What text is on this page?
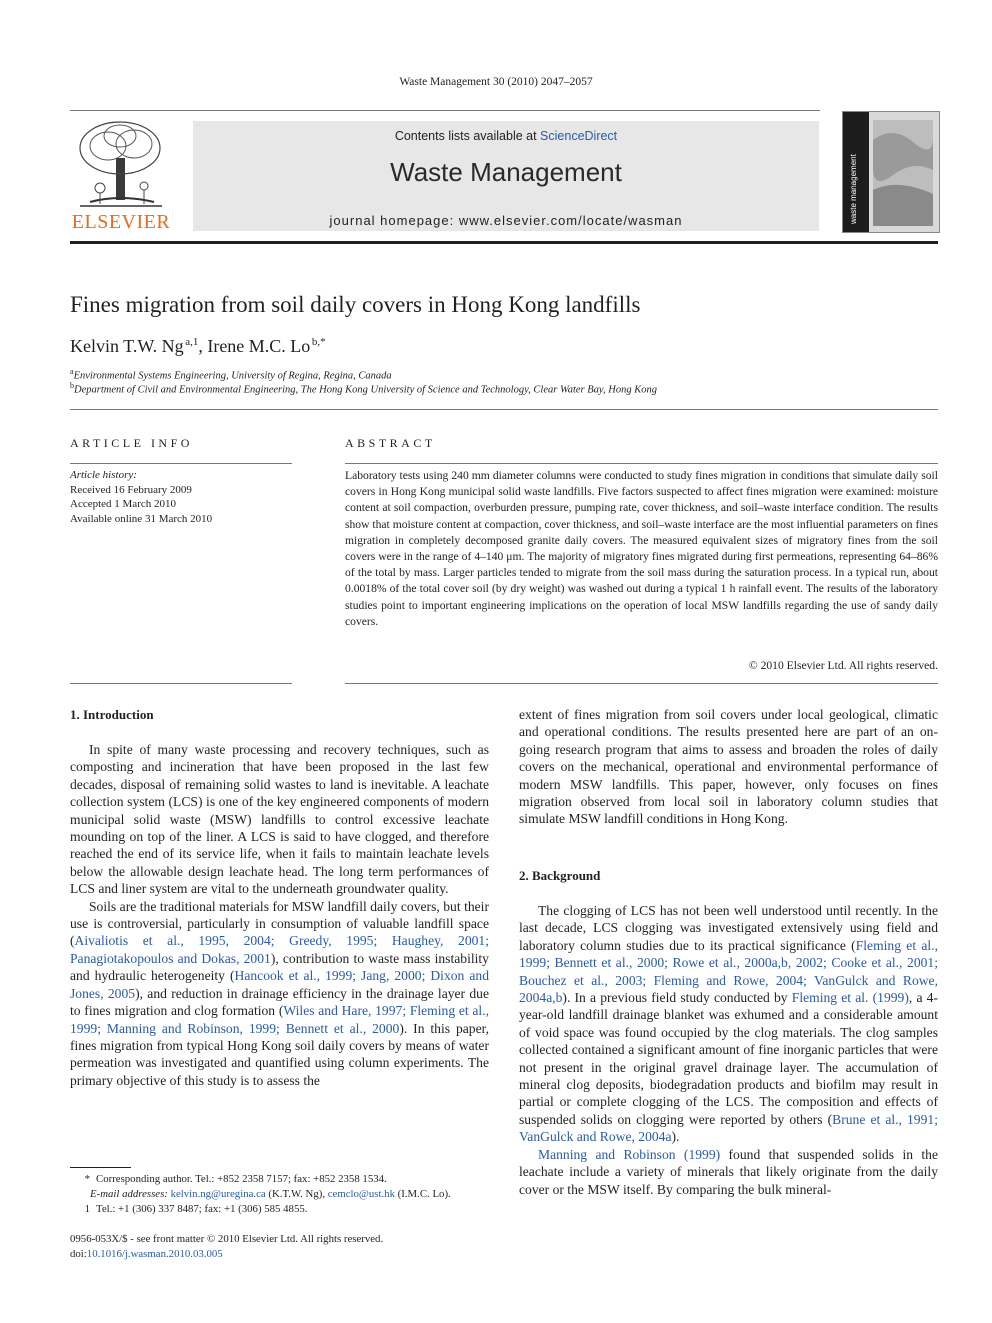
Waste Management 30 (2010) 2047–2057
ELSEVIER
Contents lists available at ScienceDirect
Waste Management
journal homepage: www.elsevier.com/locate/wasman	waste management
Fines migration from soil daily covers in Hong Kong landfills
Kelvin T.W. Ng  $^{a,1}$, Irene M.C. Lo  $^{b,*}$
$^a$Environmental Systems Engineering, University of Regina, Regina, Canada
$^b$Department of Civil and Environmental Engineering, The Hong Kong University of Science and Technology, Clear Water Bay, Hong Kong
ARTICLE INFO
Article history:
Received 16 February 2009
Accepted 1 March 2010
Available online 31 March 2010
ABSTRACT
Laboratory tests using 240 mm diameter columns were conducted to study fines migration in conditions that simulate daily soil covers in Hong Kong municipal solid waste landfills. Five factors suspected to affect fines migration were examined: moisture content at soil compaction, overburden pressure, pumping rate, cover thickness, and soil–waste interface condition. The results show that moisture content at compaction, cover thickness, and soil–waste interface are the most influential parameters on fines migration in completely decomposed granite daily covers. The measured equivalent sizes of migratory fines from the soil covers were in the range of 4–140 μm. The majority of migratory fines migrated during first permeations, representing 64–86% of the total by mass. Larger particles tended to migrate from the soil mass during the saturation process. In a typical run, about 0.0018% of the total cover soil (by dry weight) was washed out during a typical 1 h rainfall event. The results of the laboratory studies point to important engineering implications on the operation of local MSW landfills regarding the use of sandy daily covers.
© 2010 Elsevier Ltd. All rights reserved.
1. Introduction

In spite of many waste processing and recovery techniques, such as composting and incineration that have been proposed in the last few decades, disposal of remaining solid wastes to land is inevitable. A leachate collection system (LCS) is one of the key engineered components of modern municipal solid waste (MSW) landfills to control excessive leachate mounding on top of the liner. A LCS is said to have clogged, and therefore reached the end of its service life, when it fails to maintain leachate levels below the allowable design leachate head. The long term performances of LCS and liner system are vital to the underneath groundwater quality.

Soils are the traditional materials for MSW landfill daily covers, but their use is controversial, particularly in consumption of valuable landfill space (Aivaliotis et al., 1995, 2004; Greedy, 1995; Haughey, 2001; Panagiotakopoulos and Dokas, 2001), contribution to waste mass instability and hydraulic heterogeneity (Hancook et al., 1999; Jang, 2000; Dixon and Jones, 2005), and reduction in drainage efficiency in the drainage layer due to fines migration and clog formation (Wiles and Hare, 1997; Fleming et al., 1999; Manning and Robinson, 1999; Bennett et al., 2000). In this paper, fines migration from typical Hong Kong soil daily covers by means of water permeation was investigated and quantified using column experiments. The primary objective of this study is to assess the

extent of fines migration from soil covers under local geological, climatic and operational conditions. The results presented here are part of an on-going research program that aims to assess and broaden the roles of daily covers on the mechanical, operational and environmental performance of modern MSW landfills. This paper, however, only focuses on fines migration observed from local soil in laboratory column studies that simulate MSW landfill conditions in Hong Kong.

2. Background

The clogging of LCS has not been well understood until recently. In the last decade, LCS clogging was investigated extensively using field and laboratory column studies due to its practical significance (Fleming et al., 1999; Bennett et al., 2000; Rowe et al., 2000a,b, 2002; Cooke et al., 2001; Bouchez et al., 2003; Fleming and Rowe, 2004; VanGulck and Rowe, 2004a,b). In a previous field study conducted by Fleming et al. (1999), a 4-year-old landfill drainage blanket was exhumed and a considerable amount of void space was found occupied by the clog materials. The clog samples collected contained a significant amount of fine inorganic particles that were not present in the original gravel drainage layer. The accumulation of mineral clog deposits, biodegradation products and biofilm may result in partial or complete clogging of the LCS. The composition and effects of suspended solids on clogging were reported by others (Brune et al., 1991; VanGulck and Rowe, 2004a).

Manning and Robinson (1999) found that suspended solids in the leachate include a variety of minerals that likely originate from the daily cover or the MSW itself. By comparing the bulk mineral-

* Corresponding author. Tel.: +852 2358 7157; fax: +852 2358 1534.
E-mail addresses: kelvin.ng@uregina.ca (K.T.W. Ng), cemclo@ust.hk (I.M.C. Lo).
1 Tel.: +1 (306) 337 8487; fax: +1 (306) 585 4855.
0956-053X/$ - see front matter © 2010 Elsevier Ltd. All rights reserved.
doi:10.1016/j.wasman.2010.03.005
